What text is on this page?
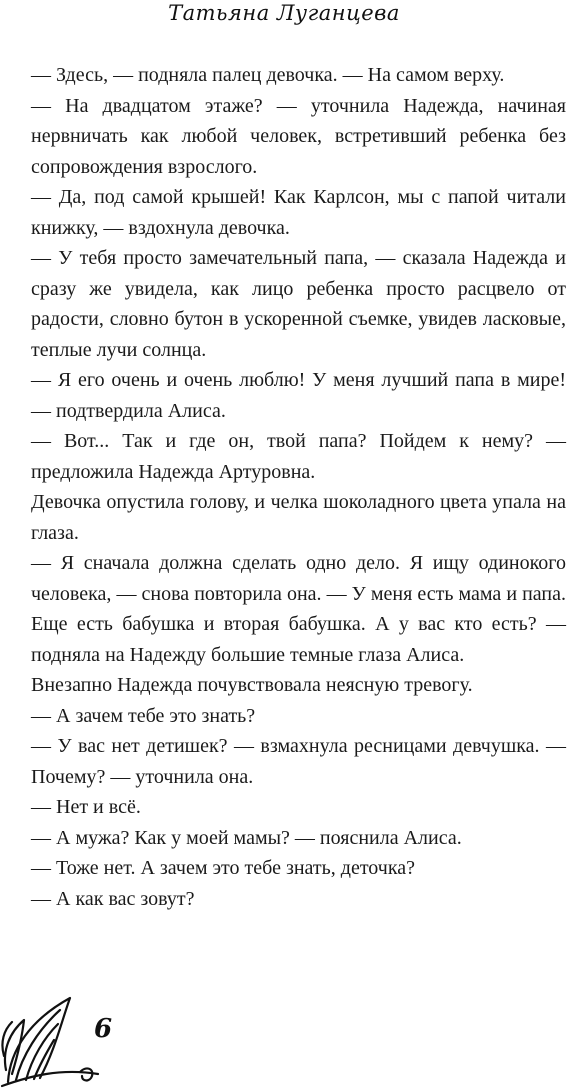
Татьяна Луганцева

— Здесь, — подняла палец девочка. — На самом верху.

— На двадцатом этаже? — уточнила Надежда, начиная нервничать как любой человек, встретивший ребенка без сопровождения взрослого.

— Да, под самой крышей! Как Карлсон, мы с папой читали книжку, — вздохнула девочка.

— У тебя просто замечательный папа, — сказала Надежда и сразу же увидела, как лицо ребенка просто расцвело от радости, словно бутон в ускоренной съемке, увидев ласковые, теплые лучи солнца.

— Я его очень и очень люблю! У меня лучший папа в мире! — подтвердила Алиса.

— Вот... Так и где он, твой папа? Пойдем к нему? — предложила Надежда Артуровна.

Девочка опустила голову, и челка шоколадного цвета упала на глаза.

— Я сначала должна сделать одно дело. Я ищу одинокого человека, — снова повторила она. — У меня есть мама и папа. Еще есть бабушка и вторая бабушка. А у вас кто есть? — подняла на Надежду большие темные глаза Алиса.

Внезапно Надежда почувствовала неясную тревогу.

— А зачем тебе это знать?

— У вас нет детишек? — взмахнула ресницами девчушка. — Почему? — уточнила она.

— Нет и всё.

— А мужа? Как у моей мамы? — пояснила Алиса.

— Тоже нет. А зачем это тебе знать, деточка?

— А как вас зовут?

6
